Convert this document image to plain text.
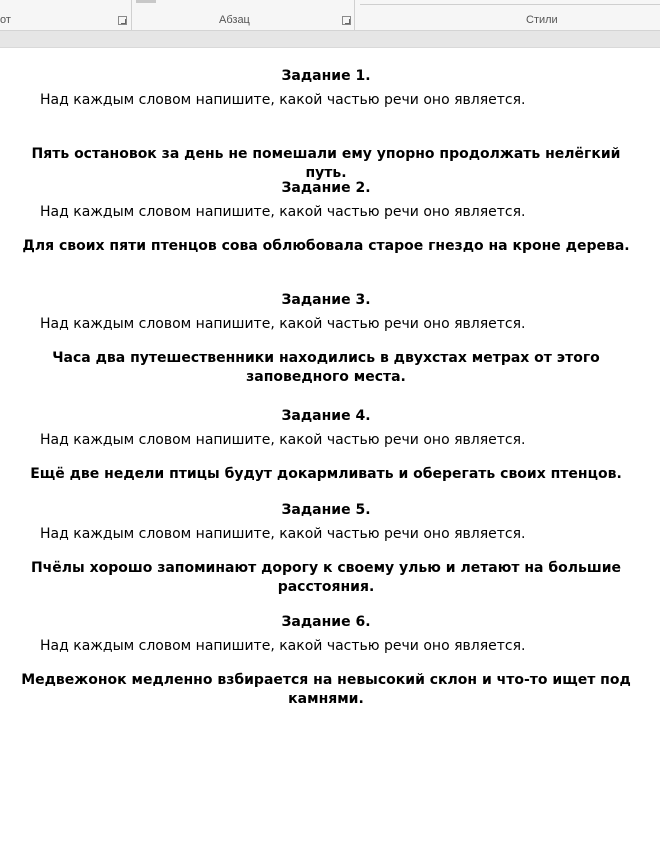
от	Абзац	Стили
Задание 1.
Над каждым словом напишите, какой частью речи оно является.
Пять остановок за день не помешали ему упорно продолжать нелёгкий путь.
Задание 2.
Над каждым словом напишите, какой частью речи оно является.
Для своих пяти птенцов сова облюбовала старое гнездо на кроне дерева.
Задание 3.
Над каждым словом напишите, какой частью речи оно является.
Часа два путешественники находились в двухстах метрах от этого заповедного места.
Задание 4.
Над каждым словом напишите, какой частью речи оно является.
Ещё две недели птицы будут докармливать и оберегать своих птенцов.
Задание 5.
Над каждым словом напишите, какой частью речи оно является.
Пчёлы хорошо запоминают дорогу к своему улью и летают на большие расстояния.
Задание 6.
Над каждым словом напишите, какой частью речи оно является.
Медвежонок медленно взбирается на невысокий склон и что-то ищет под камнями.
